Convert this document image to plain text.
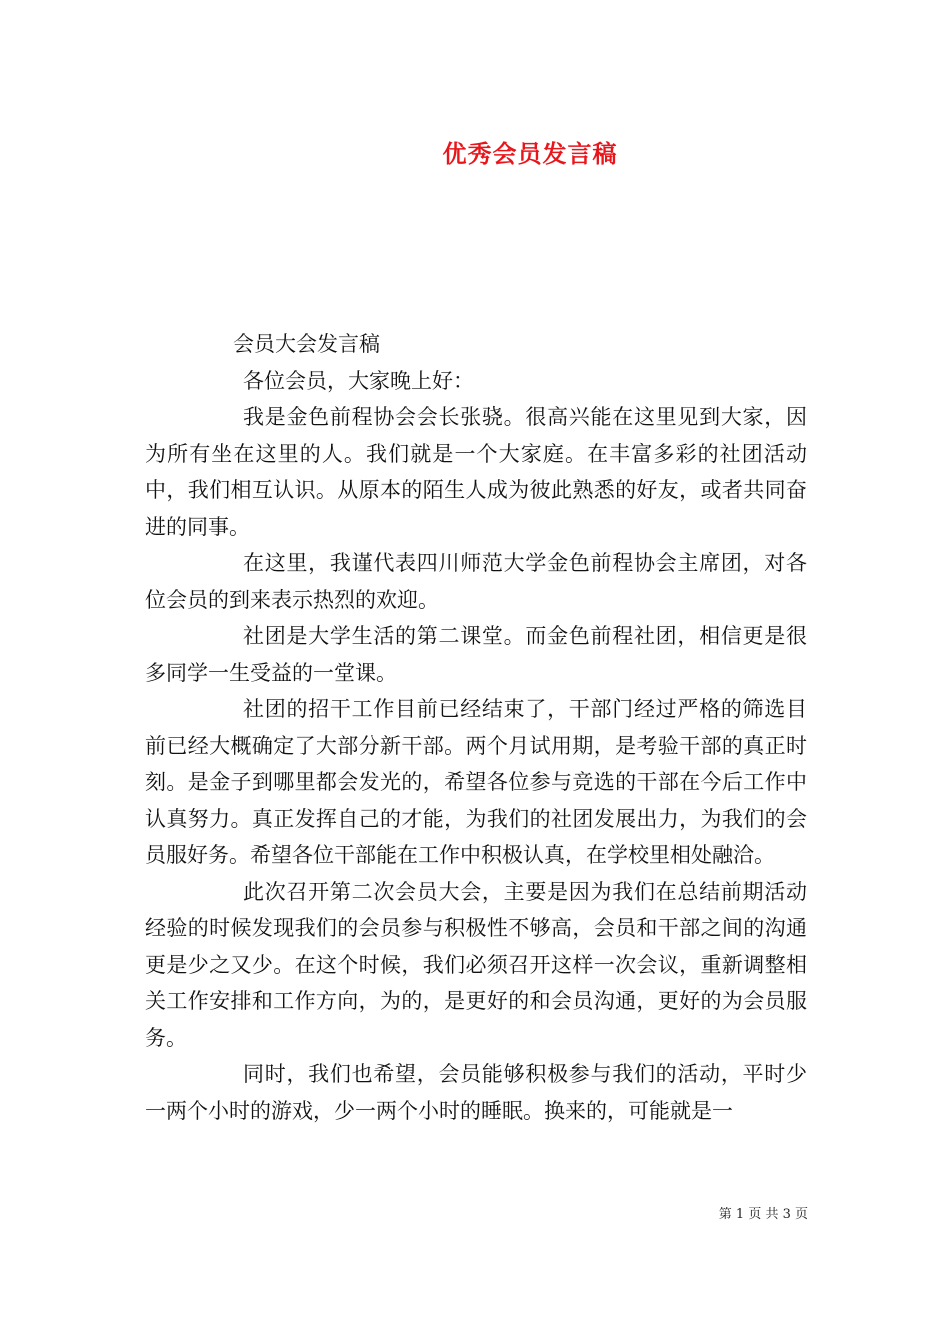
优秀会员发言稿

会员大会发言稿

各位会员，大家晚上好：

我是金色前程协会会长张骁。很高兴能在这里见到大家，因为所有坐在这里的人。我们就是一个大家庭。在丰富多彩的社团活动中，我们相互认识。从原本的陌生人成为彼此熟悉的好友，或者共同奋进的同事。

在这里，我谨代表四川师范大学金色前程协会主席团，对各位会员的到来表示热烈的欢迎。

社团是大学生活的第二课堂。而金色前程社团，相信更是很多同学一生受益的一堂课。

社团的招干工作目前已经结束了，干部门经过严格的筛选目前已经大概确定了大部分新干部。两个月试用期，是考验干部的真正时刻。是金子到哪里都会发光的，希望各位参与竞选的干部在今后工作中认真努力。真正发挥自己的才能，为我们的社团发展出力，为我们的会员服好务。希望各位干部能在工作中积极认真，在学校里相处融洽。

此次召开第二次会员大会，主要是因为我们在总结前期活动经验的时候发现我们的会员参与积极性不够高，会员和干部之间的沟通更是少之又少。在这个时候，我们必须召开这样一次会议，重新调整相关工作安排和工作方向，为的，是更好的和会员沟通，更好的为会员服务。

同时，我们也希望，会员能够积极参与我们的活动，平时少一两个小时的游戏，少一两个小时的睡眠。换来的，可能就是一

第 1 页 共 3 页
